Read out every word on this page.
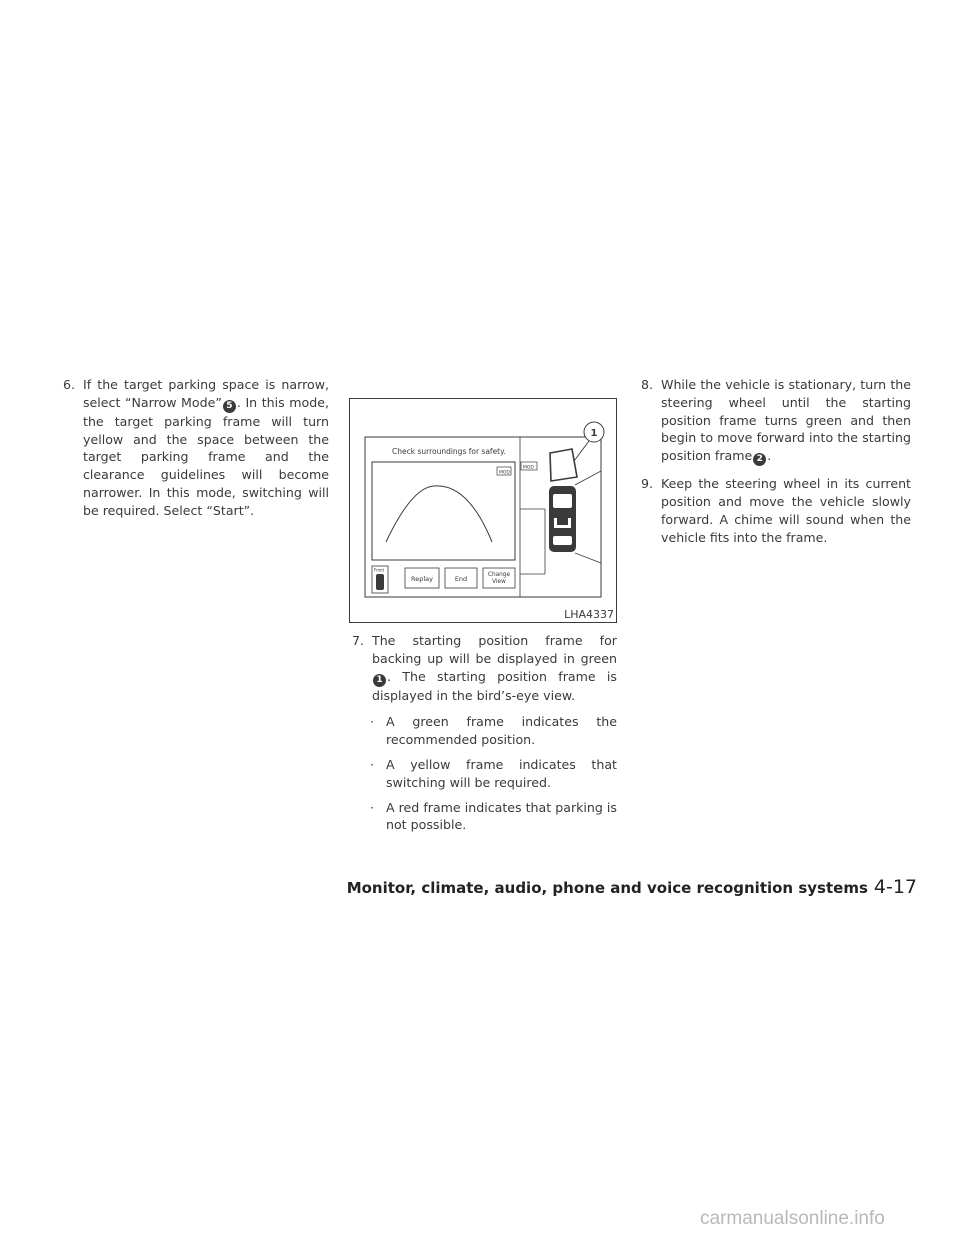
6. If the target parking space is narrow, select “Narrow Mode” 5 . In this mode, the target parking frame will turn yellow and the space between the target parking frame and the clearance guidelines will become narrower. In this mode, switching will be required. Select “Start”.
Check surroundings for safety.
MOD
Front
Replay	End	Change View
MOD
1
LHA4337
7. The starting position frame for backing up will be displayed in green1 . The starting position frame is displayed in the bird’s-eye view.
· A green frame indicates the recommended position.
· A yellow frame indicates that switching will be required.
· A red frame indicates that parking is not possible.
8. While the vehicle is stationary, turn the steering wheel until the starting position frame turns green and then begin to move forward into the starting position frame 2 .
9. Keep the steering wheel in its current position and move the vehicle slowly forward. A chime will sound when the vehicle fits into the frame.
Monitor, climate, audio, phone and voice recognition systems 4-17
carmanualsonline.info
